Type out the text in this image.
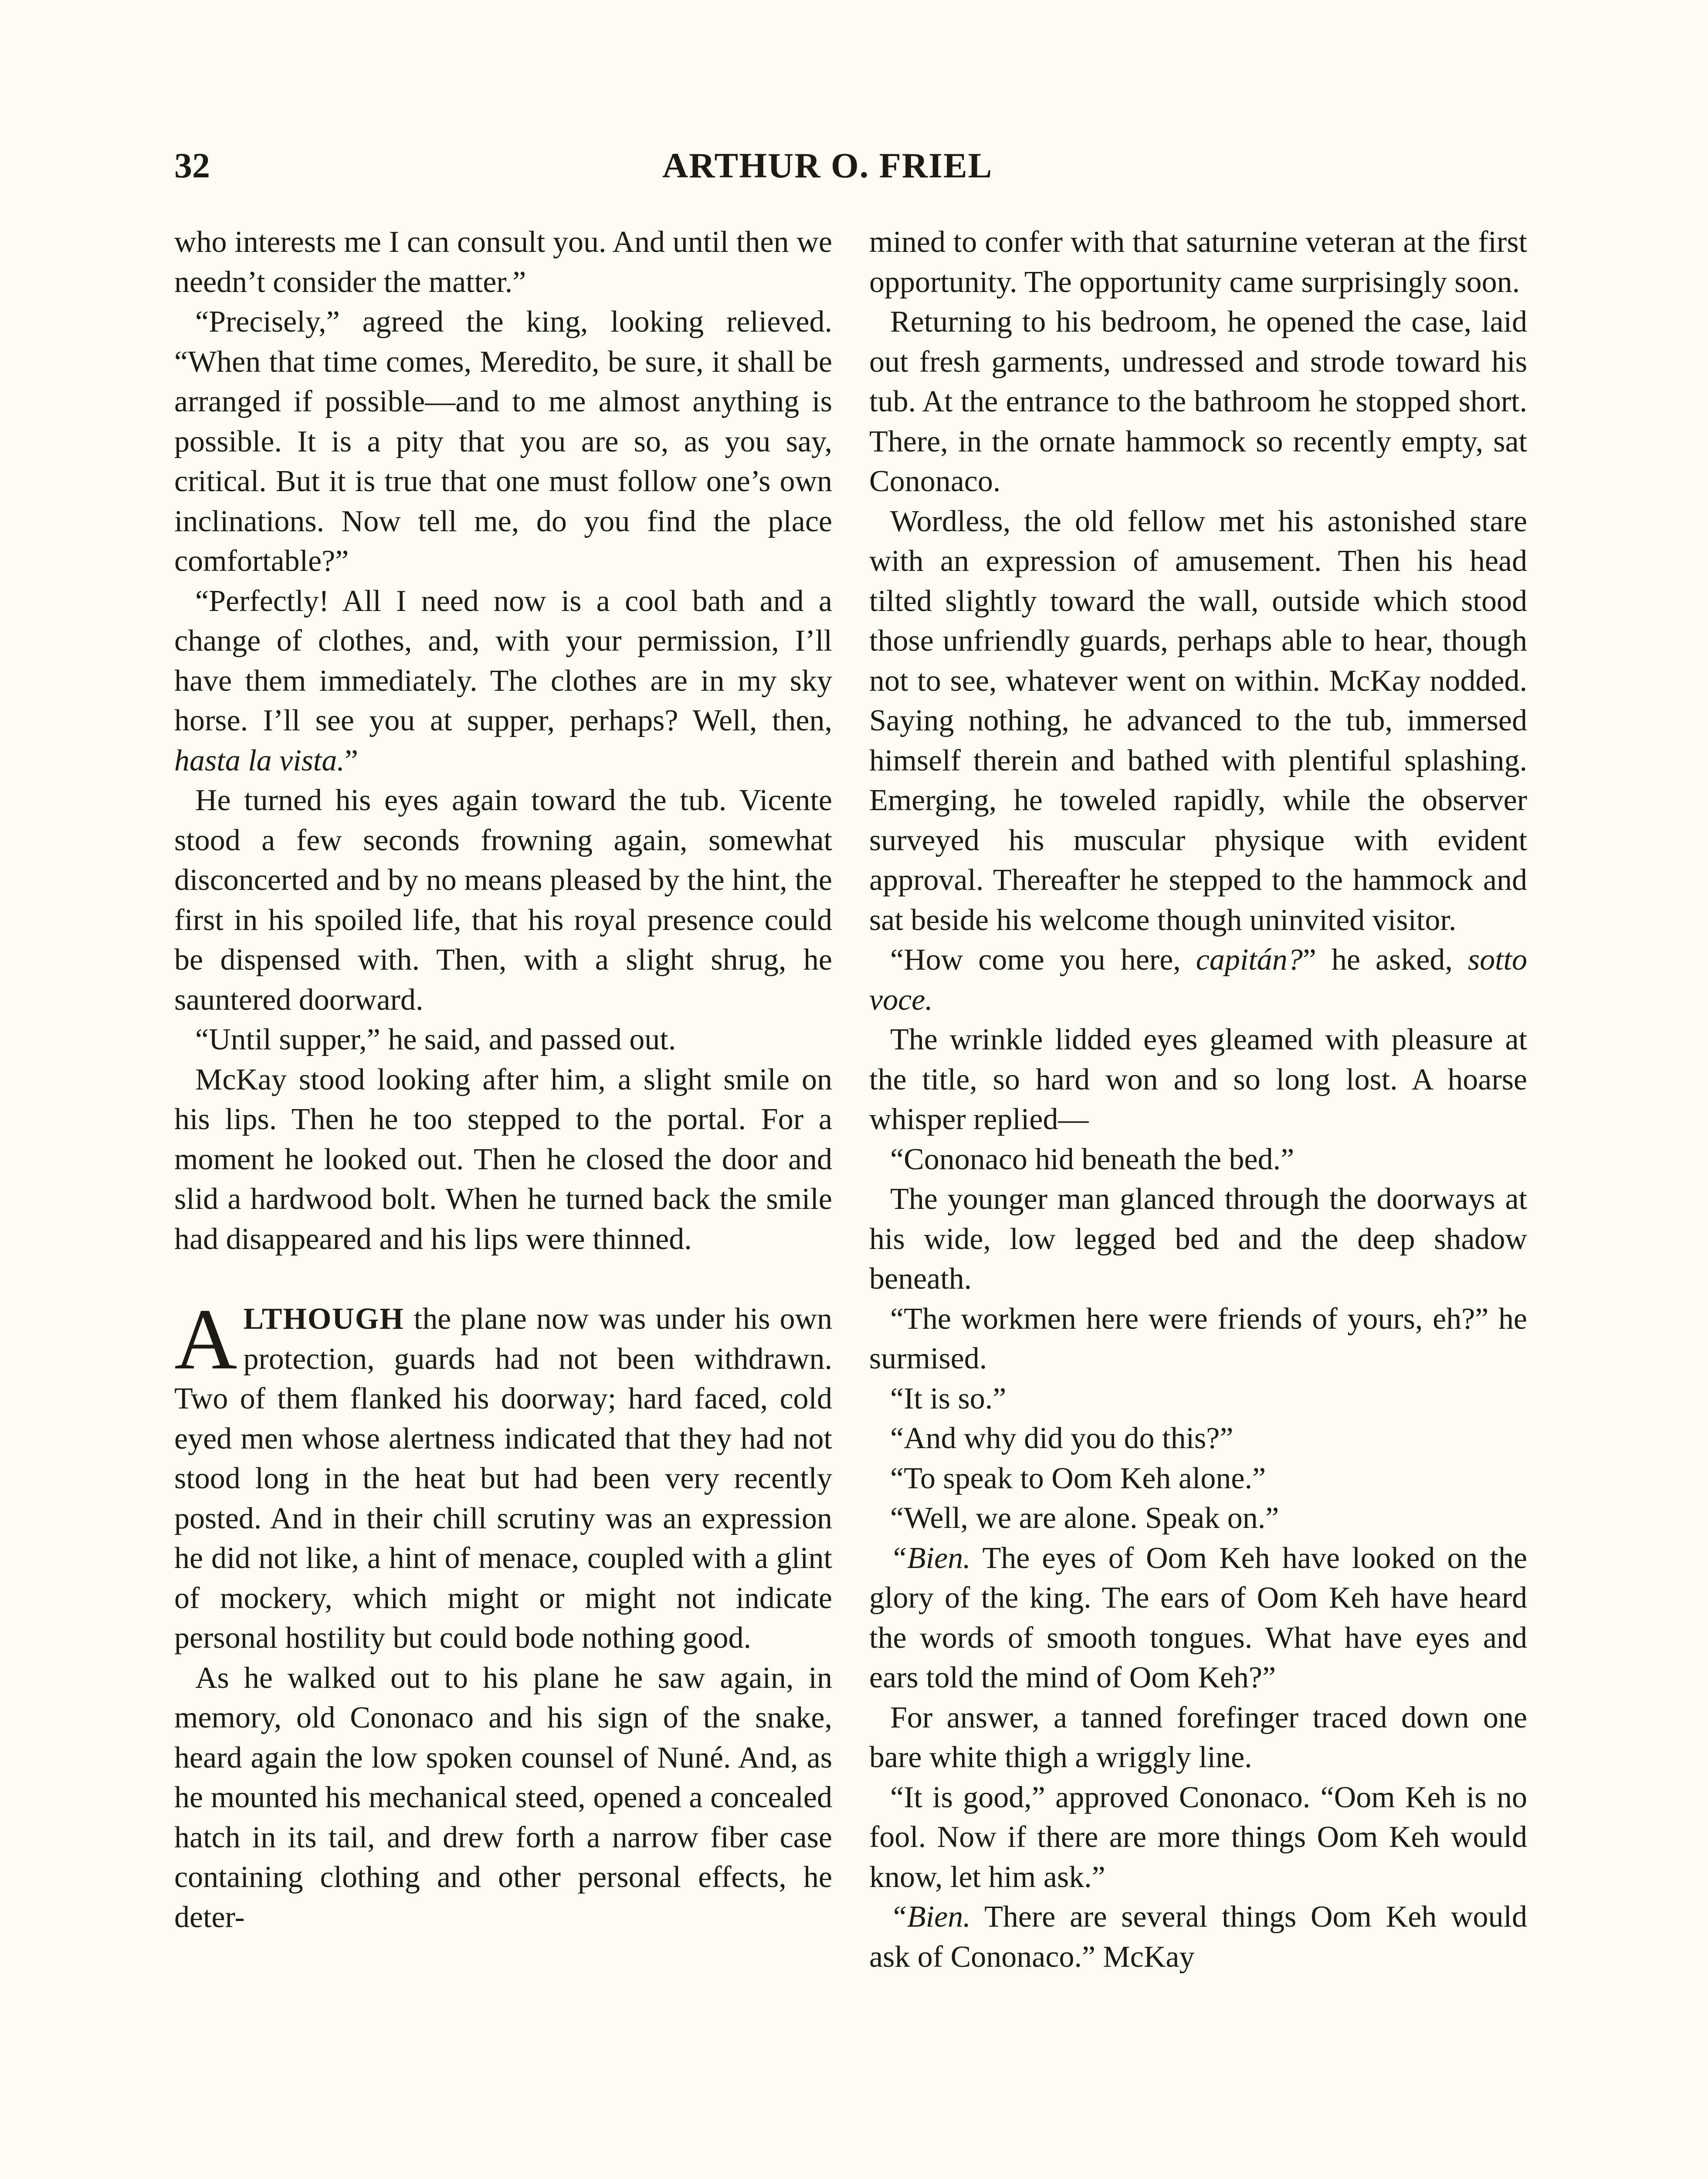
32	ARTHUR O. FRIEL

who interests me I can consult you. And until then we needn’t consider the matter.”

“Precisely,” agreed the king, looking relieved. “When that time comes, Meredito, be sure, it shall be arranged if possible—and to me almost anything is possible. It is a pity that you are so, as you say, critical. But it is true that one must follow one’s own inclinations. Now tell me, do you find the place comfortable?”

“Perfectly! All I need now is a cool bath and a change of clothes, and, with your permission, I’ll have them immediately. The clothes are in my sky horse. I’ll see you at supper, perhaps? Well, then, hasta la vista.”

He turned his eyes again toward the tub. Vicente stood a few seconds frowning again, somewhat disconcerted and by no means pleased by the hint, the first in his spoiled life, that his royal presence could be dispensed with. Then, with a slight shrug, he sauntered doorward.

“Until supper,” he said, and passed out.

McKay stood looking after him, a slight smile on his lips. Then he too stepped to the portal. For a moment he looked out. Then he closed the door and slid a hardwood bolt. When he turned back the smile had disappeared and his lips were thinned.

ALTHOUGH the plane now was under his own protection, guards had not been withdrawn. Two of them flanked his doorway; hard faced, cold eyed men whose alertness indicated that they had not stood long in the heat but had been very recently posted. And in their chill scrutiny was an expression he did not like, a hint of menace, coupled with a glint of mockery, which might or might not indicate personal hostility but could bode nothing good.

As he walked out to his plane he saw again, in memory, old Cononaco and his sign of the snake, heard again the low spoken counsel of Nuné. And, as he mounted his mechanical steed, opened a concealed hatch in its tail, and drew forth a narrow fiber case containing clothing and other personal effects, he deter-

mined to confer with that saturnine veteran at the first opportunity. The opportunity came surprisingly soon.

Returning to his bedroom, he opened the case, laid out fresh garments, undressed and strode toward his tub. At the entrance to the bathroom he stopped short. There, in the ornate hammock so recently empty, sat Cononaco.

Wordless, the old fellow met his astonished stare with an expression of amusement. Then his head tilted slightly toward the wall, outside which stood those unfriendly guards, perhaps able to hear, though not to see, whatever went on within. McKay nodded. Saying nothing, he advanced to the tub, immersed himself therein and bathed with plentiful splashing. Emerging, he toweled rapidly, while the observer surveyed his muscular physique with evident approval. Thereafter he stepped to the hammock and sat beside his welcome though uninvited visitor.

“How come you here, capitán?” he asked, sotto voce.

The wrinkle lidded eyes gleamed with pleasure at the title, so hard won and so long lost. A hoarse whisper replied—

“Cononaco hid beneath the bed.”

The younger man glanced through the doorways at his wide, low legged bed and the deep shadow beneath.

“The workmen here were friends of yours, eh?” he surmised.

“It is so.”

“And why did you do this?”

“To speak to Oom Keh alone.”

“Well, we are alone. Speak on.”

“Bien. The eyes of Oom Keh have looked on the glory of the king. The ears of Oom Keh have heard the words of smooth tongues. What have eyes and ears told the mind of Oom Keh?”

For answer, a tanned forefinger traced down one bare white thigh a wriggly line.

“It is good,” approved Cononaco. “Oom Keh is no fool. Now if there are more things Oom Keh would know, let him ask.”

“Bien. There are several things Oom Keh would ask of Cononaco.” McKay
